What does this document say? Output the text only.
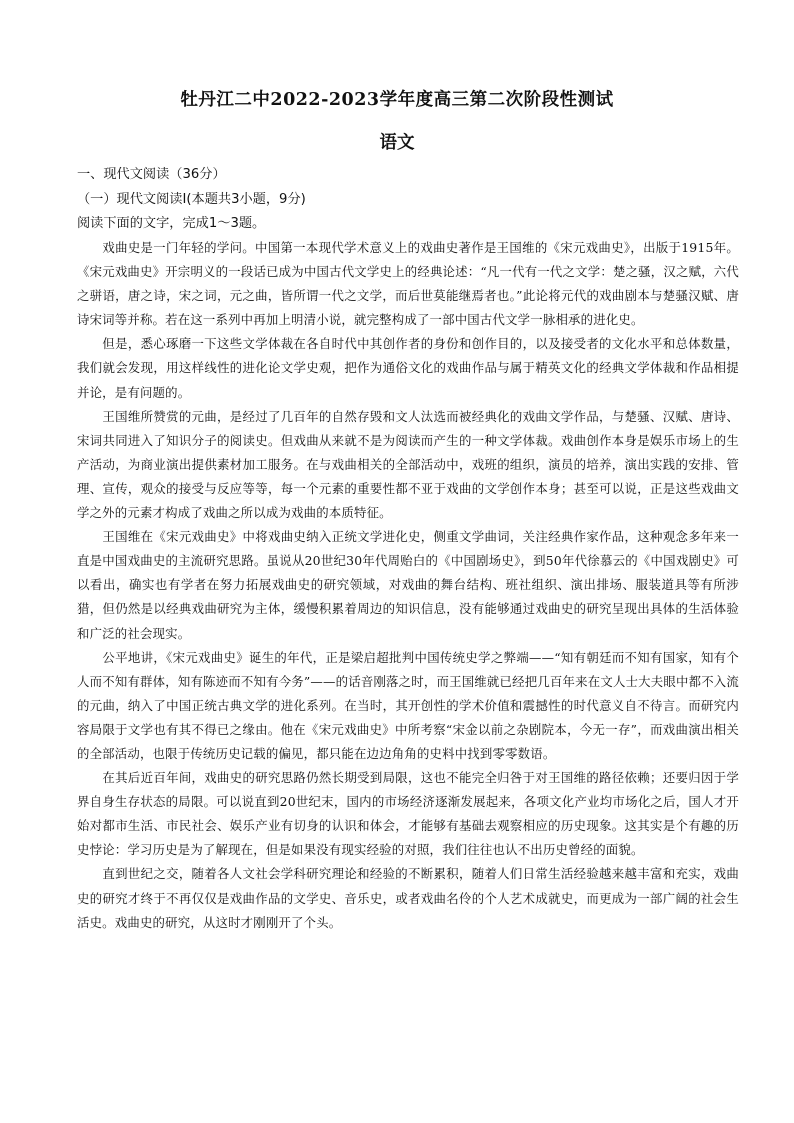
牡丹江二中2022-2023学年度高三第二次阶段性测试
语文
一、现代文阅读（36分）
（一）现代文阅读Ⅰ(本题共3小题，9分)
阅读下面的文字，完成1～3题。

戏曲史是一门年轻的学问。中国第一本现代学术意义上的戏曲史著作是王国维的《宋元戏曲史》，出版于1915年。《宋元戏曲史》开宗明义的一段话已成为中国古代文学史上的经典论述：“凡一代有一代之文学：楚之骚，汉之赋，六代之骈语，唐之诗，宋之词，元之曲，皆所谓一代之文学，而后世莫能继焉者也。”此论将元代的戏曲剧本与楚骚汉赋、唐诗宋词等并称。若在这一系列中再加上明清小说，就完整构成了一部中国古代文学一脉相承的进化史。

但是，悉心琢磨一下这些文学体裁在各自时代中其创作者的身份和创作目的，以及接受者的文化水平和总体数量，我们就会发现，用这样线性的进化论文学史观，把作为通俗文化的戏曲作品与属于精英文化的经典文学体裁和作品相提并论，是有问题的。

王国维所赞赏的元曲，是经过了几百年的自然存毁和文人汰选而被经典化的戏曲文学作品，与楚骚、汉赋、唐诗、宋词共同进入了知识分子的阅读史。但戏曲从来就不是为阅读而产生的一种文学体裁。戏曲创作本身是娱乐市场上的生产活动，为商业演出提供素材加工服务。在与戏曲相关的全部活动中，戏班的组织，演员的培养，演出实践的安排、管理、宣传，观众的接受与反应等等，每一个元素的重要性都不亚于戏曲的文学创作本身；甚至可以说，正是这些戏曲文学之外的元素才构成了戏曲之所以成为戏曲的本质特征。

王国维在《宋元戏曲史》中将戏曲史纳入正统文学进化史，侧重文学曲词，关注经典作家作品，这种观念多年来一直是中国戏曲史的主流研究思路。虽说从20世纪30年代周贻白的《中国剧场史》，到50年代徐慕云的《中国戏剧史》可以看出，确实也有学者在努力拓展戏曲史的研究领域，对戏曲的舞台结构、班社组织、演出排场、服装道具等有所涉猎，但仍然是以经典戏曲研究为主体，缓慢积累着周边的知识信息，没有能够通过戏曲史的研究呈现出具体的生活体验和广泛的社会现实。

公平地讲，《宋元戏曲史》诞生的年代，正是梁启超批判中国传统史学之弊端——“知有朝廷而不知有国家，知有个人而不知有群体，知有陈迹而不知有今务”——的话音刚落之时，而王国维就已经把几百年来在文人士大夫眼中都不入流的元曲，纳入了中国正统古典文学的进化系列。在当时，其开创性的学术价值和震撼性的时代意义自不待言。而研究内容局限于文学也有其不得已之缘由。他在《宋元戏曲史》中所考察“宋金以前之杂剧院本，今无一存”，而戏曲演出相关的全部活动，也限于传统历史记载的偏见，都只能在边边角角的史料中找到零零数语。

在其后近百年间，戏曲史的研究思路仍然长期受到局限，这也不能完全归咎于对王国维的路径依赖；还要归因于学界自身生存状态的局限。可以说直到20世纪末，国内的市场经济逐渐发展起来，各项文化产业均市场化之后，国人才开始对都市生活、市民社会、娱乐产业有切身的认识和体会，才能够有基础去观察相应的历史现象。这其实是个有趣的历史悖论：学习历史是为了解现在，但是如果没有现实经验的对照，我们往往也认不出历史曾经的面貌。

直到世纪之交，随着各人文社会学科研究理论和经验的不断累积，随着人们日常生活经验越来越丰富和充实，戏曲史的研究才终于不再仅仅是戏曲作品的文学史、音乐史，或者戏曲名伶的个人艺术成就史，而更成为一部广阔的社会生活史。戏曲史的研究，从这时才刚刚开了个头。
